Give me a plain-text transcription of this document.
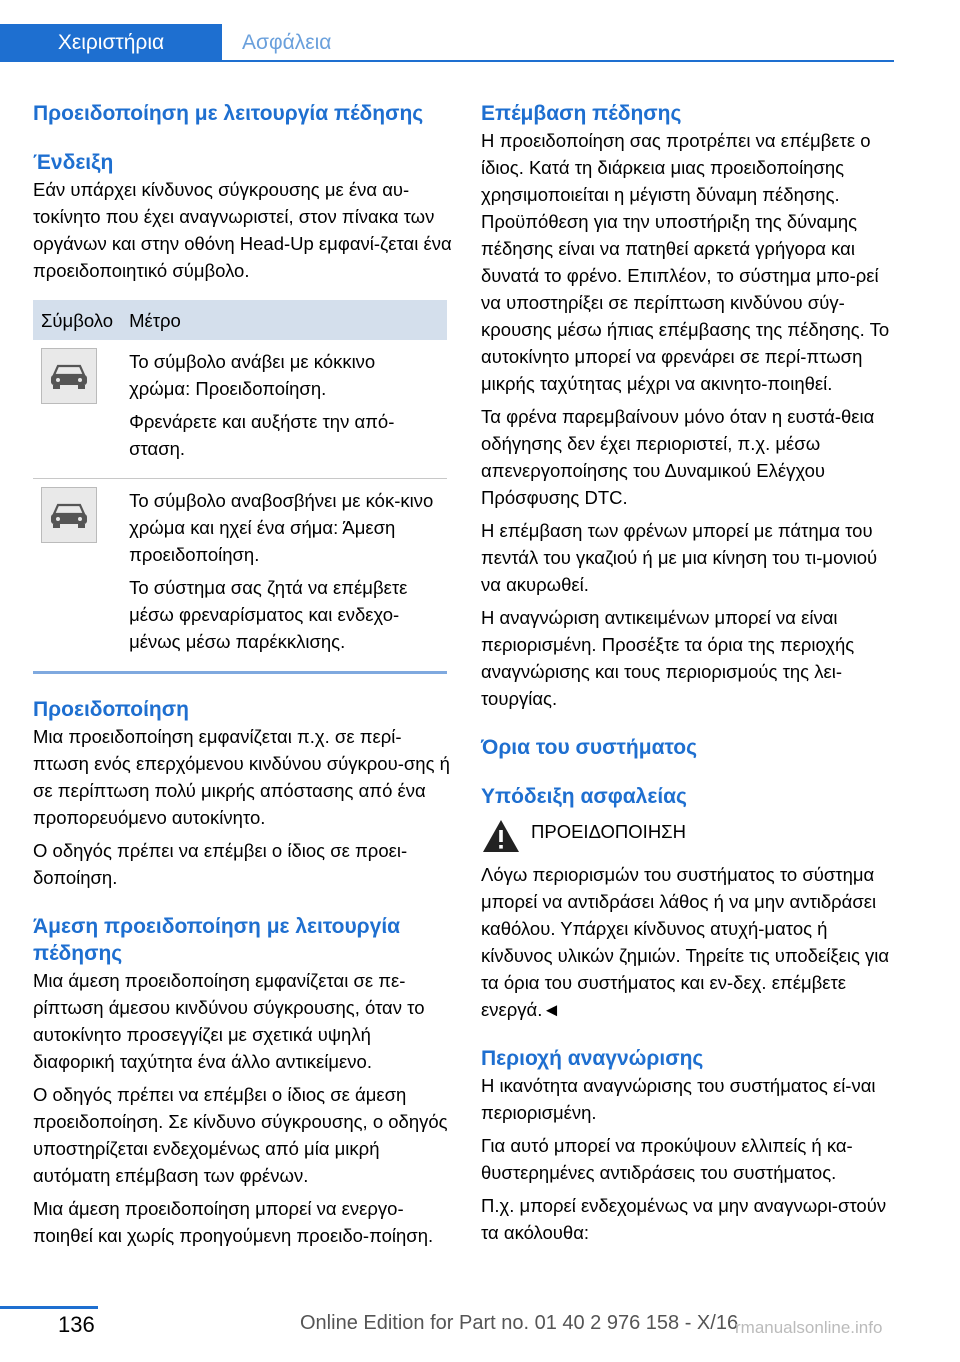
Χειριστήρια	Ασφάλεια
Προειδοποίηση με λειτουργία πέδησης
Ένδειξη

Εάν υπάρχει κίνδυνος σύγκρουσης με ένα αυ-τοκίνητο που έχει αναγνωριστεί, στον πίνακα των οργάνων και στην οθόνη Head-Up εμφανί-ζεται ένα προειδοποιητικό σύμβολο.

Σύμβολο	Μέτρο

Το σύμβολο ανάβει με κόκκινο χρώμα: Προειδοποίηση.

Φρενάρετε και αυξήστε την από-σταση.

Το σύμβολο αναβοσβήνει με κόκ-κινο χρώμα και ηχεί ένα σήμα: Άμεση προειδοποίηση.

Το σύστημα σας ζητά να επέμβετε μέσω φρεναρίσματος και ενδεχο-μένως μέσω παρέκκλισης.

Προειδοποίηση

Μια προειδοποίηση εμφανίζεται π.χ. σε περί-πτωση ενός επερχόμενου κινδύνου σύγκρου-σης ή σε περίπτωση πολύ μικρής απόστασης από ένα προπορευόμενο αυτοκίνητο.

Ο οδηγός πρέπει να επέμβει ο ίδιος σε προει-δοποίηση.

Άμεση προειδοποίηση με λειτουργία πέδησης

Μια άμεση προειδοποίηση εμφανίζεται σε πε-ρίπτωση άμεσου κινδύνου σύγκρουσης, όταν το αυτοκίνητο προσεγγίζει με σχετικά υψηλή διαφορική ταχύτητα ένα άλλο αντικείμενο.

Ο οδηγός πρέπει να επέμβει ο ίδιος σε άμεση προειδοποίηση. Σε κίνδυνο σύγκρουσης, ο οδηγός υποστηρίζεται ενδεχομένως από μία μικρή αυτόματη επέμβαση των φρένων.

Μια άμεση προειδοποίηση μπορεί να ενεργο-ποιηθεί και χωρίς προηγούμενη προειδο-ποίηση.

Επέμβαση πέδησης

Η προειδοποίηση σας προτρέπει να επέμβετε ο ίδιος. Κατά τη διάρκεια μιας προειδοποίησης χρησιμοποιείται η μέγιστη δύναμη πέδησης. Προϋπόθεση για την υποστήριξη της δύναμης πέδησης είναι να πατηθεί αρκετά γρήγορα και δυνατά το φρένο. Επιπλέον, το σύστημα μπο-ρεί να υποστηρίξει σε περίπτωση κινδύνου σύγ-κρουσης μέσω ήπιας επέμβασης της πέδησης. Το αυτοκίνητο μπορεί να φρενάρει σε περί-πτωση μικρής ταχύτητας μέχρι να ακινητο-ποιηθεί.

Τα φρένα παρεμβαίνουν μόνο όταν η ευστά-θεια οδήγησης δεν έχει περιοριστεί, π.χ. μέσω απενεργοποίησης του Δυναμικού Ελέγχου Πρόσφυσης DTC.

Η επέμβαση των φρένων μπορεί με πάτημα του πεντάλ του γκαζιού ή με μια κίνηση του τι-μονιού να ακυρωθεί.

Η αναγνώριση αντικειμένων μπορεί να είναι περιορισμένη. Προσέξτε τα όρια της περιοχής αναγνώρισης και τους περιορισμούς της λει-τουργίας.

Όρια του συστήματος
Υπόδειξη ασφαλείας

ΠΡΟΕΙΔΟΠΟΙΗΣΗ

Λόγω περιορισμών του συστήματος το σύστημα μπορεί να αντιδράσει λάθος ή να μην αντιδράσει καθόλου. Υπάρχει κίνδυνος ατυχή-ματος ή κίνδυνος υλικών ζημιών. Τηρείτε τις υποδείξεις για τα όρια του συστήματος και εν-δεχ. επέμβετε ενεργά.◄

Περιοχή αναγνώρισης

Η ικανότητα αναγνώρισης του συστήματος εί-ναι περιορισμένη.

Για αυτό μπορεί να προκύψουν ελλιπείς ή κα-θυστερημένες αντιδράσεις του συστήματος.

Π.χ. μπορεί ενδεχομένως να μην αναγνωρι-στούν τα ακόλουθα:

136	Online Edition for Part no. 01 40 2 976 158 - X/16
rmanualsonline.info
